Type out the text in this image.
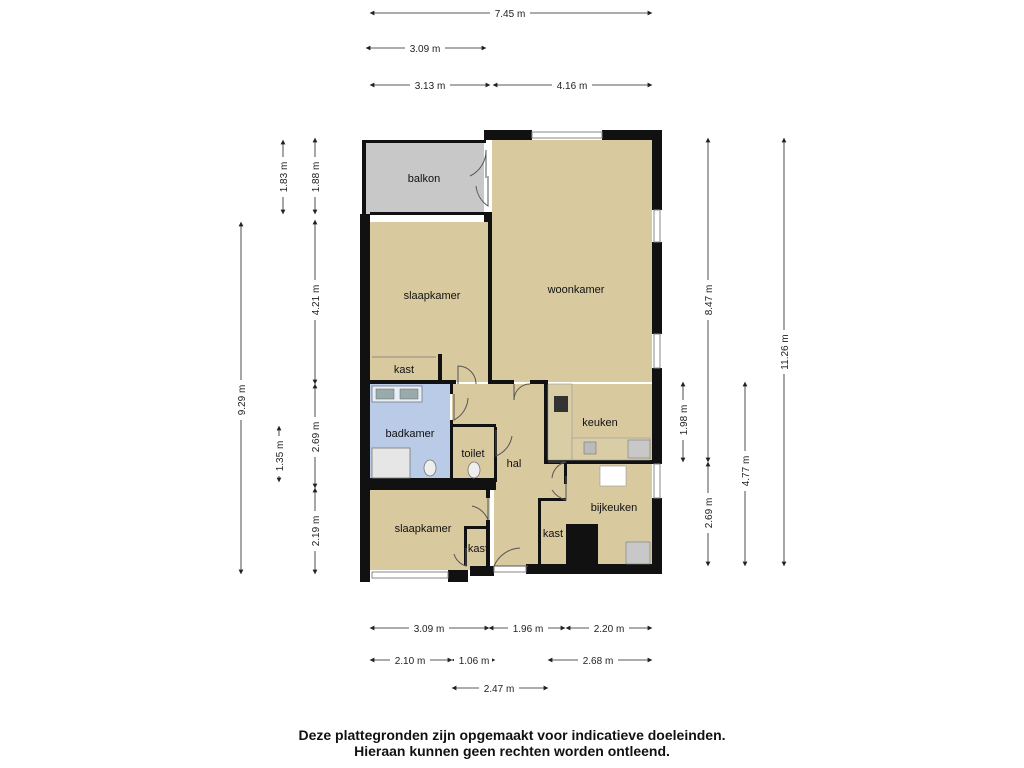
balkon
woonkamer
slaapkamer
kast
badkamer
toilet
hal
keuken
bijkeuken
slaapkamer
kast
kast
7.45 m
3.09 m
3.13 m	4.16 m
3.09 m	1.96 m	2.20 m
2.10 m	1.06 m	2.68 m
2.47 m
9.29 m
1.83 m 1.88 m
4.21 m
1.35 m
2.69 m
2.19 m
11.26 m
8.47 m
1.98 m
4.77 m
2.69 m
Deze plattegronden zijn opgemaakt voor indicatieve doeleinden.
Hieraan kunnen geen rechten worden ontleend.
